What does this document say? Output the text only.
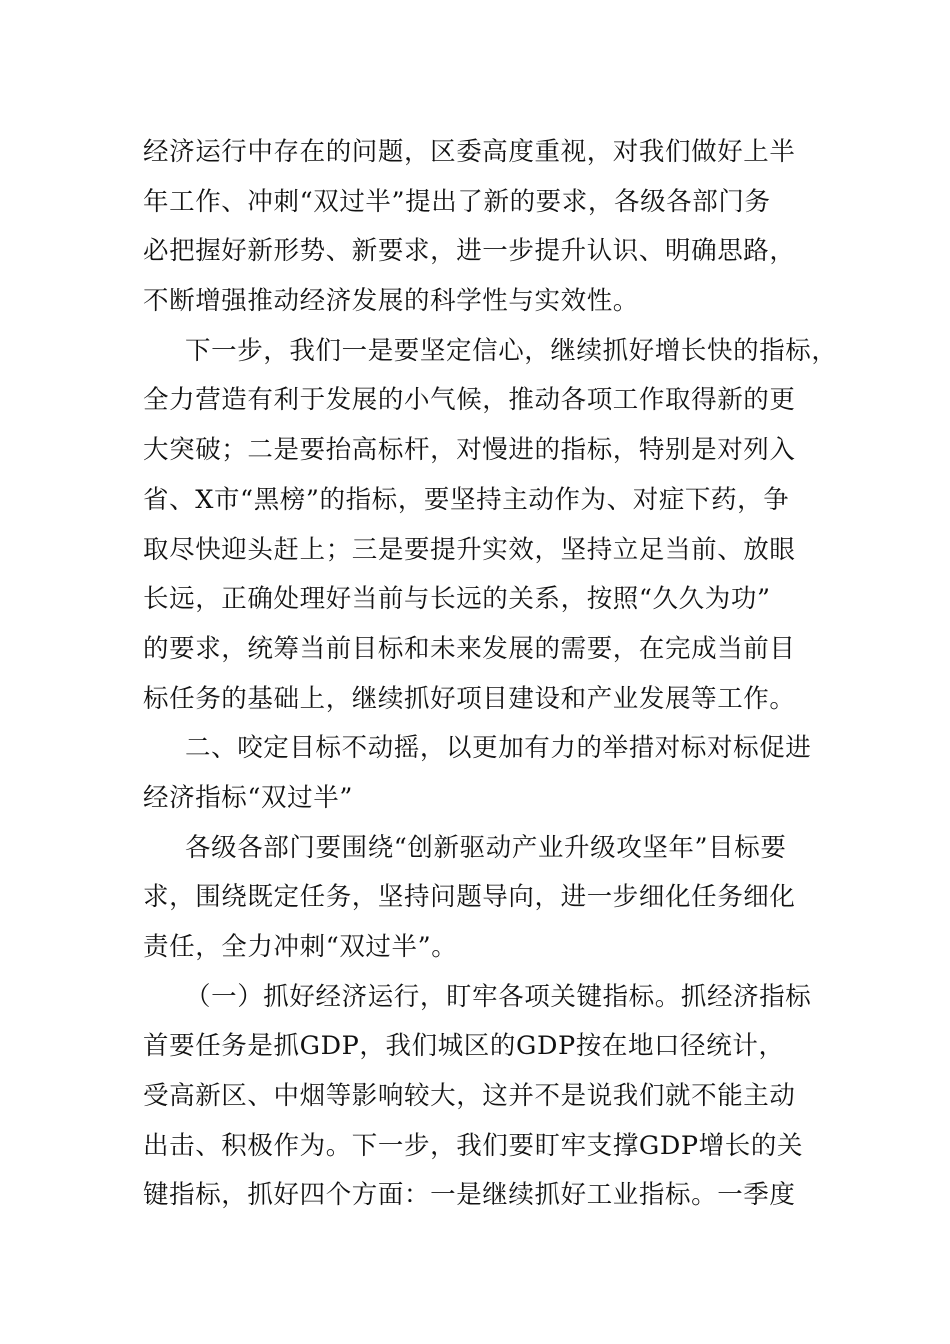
经济运行中存在的问题，区委高度重视，对我们做好上半
年工作、冲刺“双过半”提出了新的要求，各级各部门务
必把握好新形势、新要求，进一步提升认识、明确思路，
不断增强推动经济发展的科学性与实效性。
下一步，我们一是要坚定信心，继续抓好增长快的指标，
全力营造有利于发展的小气候，推动各项工作取得新的更
大突破；二是要抬高标杆，对慢进的指标，特别是对列入
省、X市“黑榜”的指标，要坚持主动作为、对症下药，争
取尽快迎头赶上；三是要提升实效，坚持立足当前、放眼
长远，正确处理好当前与长远的关系，按照“久久为功”
的要求，统筹当前目标和未来发展的需要，在完成当前目
标任务的基础上，继续抓好项目建设和产业发展等工作。
二、咬定目标不动摇，以更加有力的举措对标对标促进
经济指标“双过半”
各级各部门要围绕“创新驱动产业升级攻坚年”目标要
求，围绕既定任务，坚持问题导向，进一步细化任务细化
责任，全力冲刺“双过半”。
（一）抓好经济运行，盯牢各项关键指标。抓经济指标
首要任务是抓GDP，我们城区的GDP按在地口径统计，
受高新区、中烟等影响较大，这并不是说我们就不能主动
出击、积极作为。下一步，我们要盯牢支撑GDP增长的关
键指标，抓好四个方面：一是继续抓好工业指标。一季度
